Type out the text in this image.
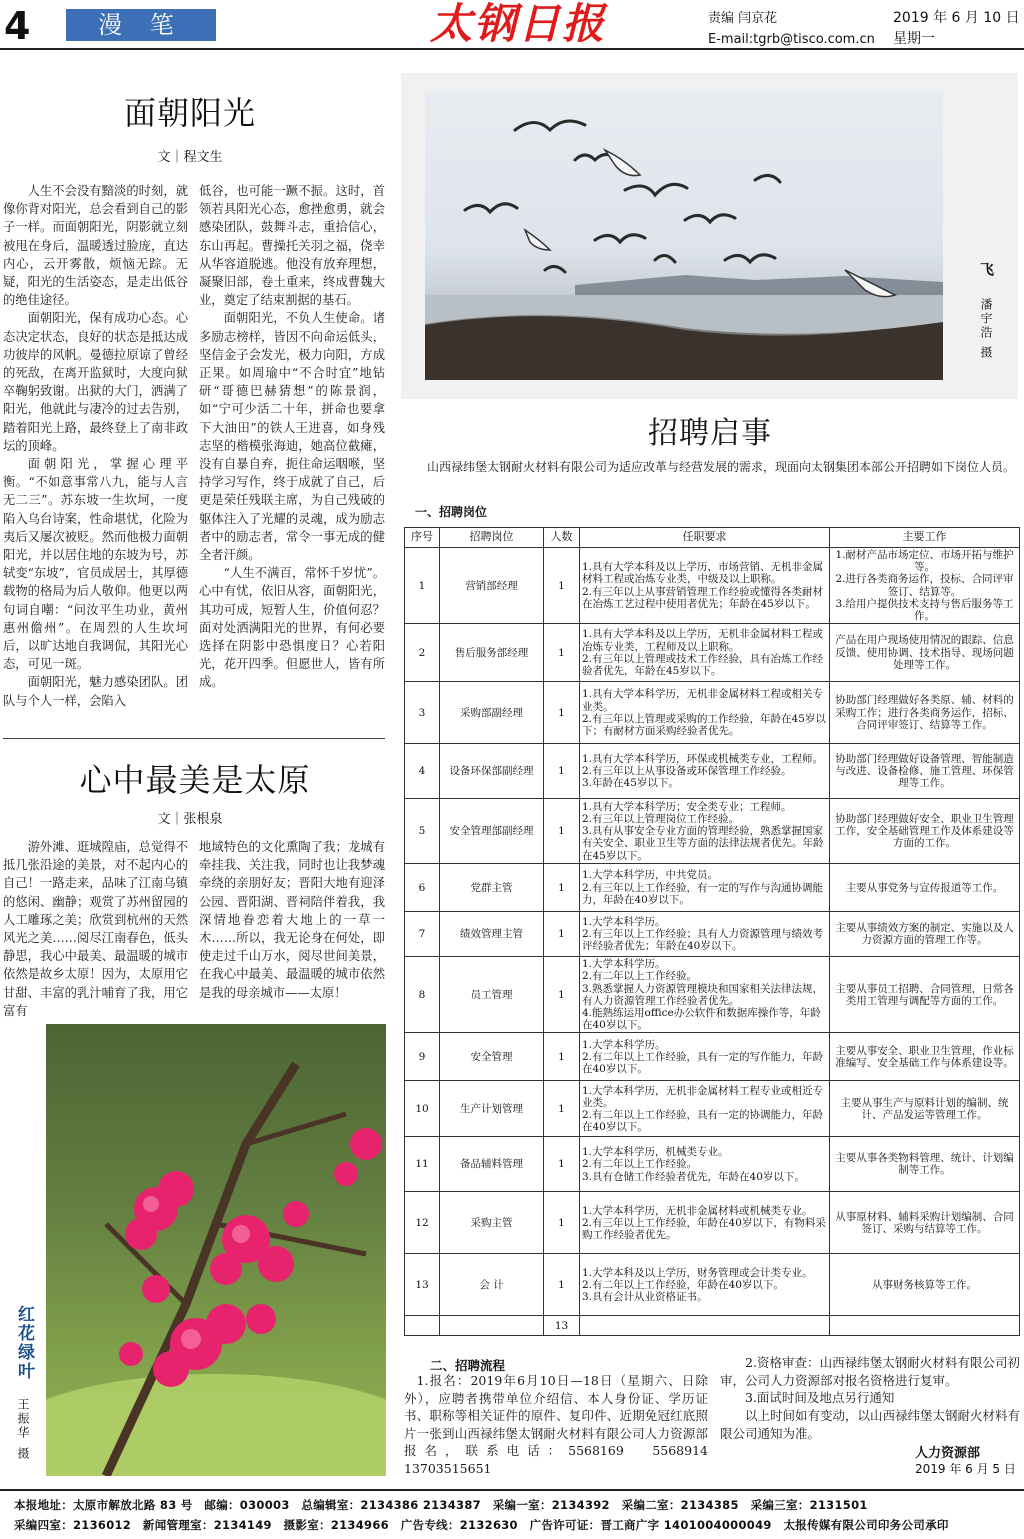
4	漫 笔	太钢日报	责编 闫京花
E-mail:tgrb@tisco.com.cn
2019 年 6 月 10 日
星期一
面朝阳光
文｜程文生

人生不会没有黯淡的时刻，就像你背对阳光，总会看到自己的影子一样。而面朝阳光，阴影就立刻被甩在身后，温暖透过脸庞，直达内心，云开雾散，烦恼无踪。无疑，阳光的生活姿态，是走出低谷的绝佳途径。

面朝阳光，保有成功心态。心态决定状态，良好的状态是抵达成功彼岸的风帆。曼德拉原谅了曾经的死敌，在离开监狱时，大度向狱卒鞠躬致谢。出狱的大门，洒满了阳光，他就此与凄冷的过去告别，踏着阳光上路，最终登上了南非政坛的顶峰。

面朝阳光，掌握心理平衡。“不如意事常八九，能与人言无二三”。苏东坡一生坎坷，一度陷入乌台诗案，性命堪忧，化险为夷后又屡次被贬。然而他极力面朝阳光，并以居住地的东坡为号，苏轼变“东坡”，官员成居士，其厚德载物的格局为后人敬仰。他更以两句词自嘲：“问汝平生功业，黄州惠州儋州”。在周烈的人生坎坷后，以旷达地自我调侃，其阳光心态，可见一斑。

面朝阳光，魅力感染团队。团队与个人一样，会陷入

低谷，也可能一蹶不振。这时，首领若具阳光心态，愈挫愈勇，就会感染团队，鼓舞斗志，重拾信心，东山再起。曹操托关羽之福，侥幸从华容道脱逃。他没有放弃理想，凝聚旧部，卷土重来，终成曹魏大业，奠定了结束割据的基石。

面朝阳光，不负人生使命。诸多励志榜样，皆因不向命运低头，坚信金子会发光，极力向阳，方成正果。如周瑜中“不合时宜”地钻研“哥德巴赫猜想”的陈景润，如“宁可少活二十年，拼命也要拿下大油田”的铁人王进喜，如身残志坚的楷模张海迪，她高位截瘫，没有自暴自弃，扼住命运咽喉，坚持学习写作，终于成就了自己，后更是荣任残联主席，为自己残破的躯体注入了光耀的灵魂，成为励志者中的励志者，常令一事无成的健全者汗颜。

“人生不满百，常怀千岁忧”。心中有忧，依旧从容，面朝阳光，其功可成，短暂人生，价值何忍？面对处洒满阳光的世界，有何必要选择在阴影中恐惧度日？心若阳光，花开四季。但愿世人，皆有所成。

心中最美是太原
文｜张根泉

游外滩、逛城隍庙，总觉得不抵几张沿途的美景，对不起内心的自己！一路走来，品味了江南乌镇的悠闲、幽静；观赏了苏州留园的人工雕琢之美；欣赏到杭州的天然风光之美……阅尽江南春色，低头静思，我心中最美、最温暖的城市依然是故乡太原！因为，太原用它甘甜、丰富的乳汁哺育了我，用它富有

地域特色的文化熏陶了我；龙城有牵挂我、关注我，同时也让我梦魂牵绕的亲朋好友；晋阳大地有迎泽公园、晋阳湖、晋祠陪伴着我，我深情地眷恋着大地上的一草一木……所以，我无论身在何处，即使走过千山万水，阅尽世间美景，在我心中最美、最温暖的城市依然是我的母亲城市——太原！

红花绿叶
王振华
摄
飞
潘宇浩
摄
招聘启事
山西禄纬堡太钢耐火材料有限公司为适应改革与经营发展的需求，现面向太钢集团本部公开招聘如下岗位人员。
一、招聘岗位
序号	招聘岗位	人数	任职要求	主要工作
1	营销部经理	1	1.具有大学本科及以上学历，市场营销、无机非金属材料工程或冶炼专业类，中级及以上职称。
2.有三年以上从事营销管理工作经验或懂得各类耐材在冶炼工艺过程中使用者优先；年龄在45岁以下。	1.耐材产品市场定位、市场开拓与维护等。
2.进行各类商务运作，投标、合同评审签订、结算等。
3.给用户提供技术支持与售后服务等工作。
2	售后服务部经理	1	1.具有大学本科及以上学历，无机非金属材料工程或冶炼专业类，工程师及以上职称。
2.有三年以上管理或技术工作经验，具有冶炼工作经验者优先，年龄在45岁以下。	产品在用户现场使用情况的跟踪、信息反馈、使用协调、技术指导、现场问题处理等工作。
3	采购部副经理	1	1.具有大学本科学历，无机非金属材料工程或相关专业类。
2.有三年以上管理或采购的工作经验，年龄在45岁以下；有耐材方面采购经验者优先。	协助部门经理做好各类原、辅、材料的采购工作；进行各类商务运作，招标、合同评审签订、结算等工作。
4	设备环保部副经理	1	1.具有大学本科学历，环保或机械类专业，工程师。
2.有三年以上从事设备或环保管理工作经验。
3.年龄在45岁以下。	协助部门经理做好设备管理、智能制造与改进、设备检修、施工管理、环保管理等工作。
5	安全管理部副经理	1	1.具有大学本科学历；安全类专业；工程师。
2.有三年以上管理岗位工作经验。
3.具有从事安全专业方面的管理经验，熟悉掌握国家有关安全、职业卫生等方面的法律法规者优先。年龄在45岁以下。	协助部门经理做好安全、职业卫生管理工作，安全基础管理工作及体系建设等方面的工作。
6	党群主管	1	1.大学本科学历，中共党员。
2.有三年以上工作经验，有一定的写作与沟通协调能力，年龄在40岁以下。	主要从事党务与宣传报道等工作。
7	绩效管理主管	1	1.大学本科学历。
2.有三年以上工作经验；具有人力资源管理与绩效考评经验者优先；年龄在40岁以下。	主要从事绩效方案的制定、实施以及人力资源方面的管理工作等。
8	员工管理	1	1.大学本科学历。
2.有二年以上工作经验。
3.熟悉掌握人力资源管理模块和国家相关法律法规，有人力资源管理工作经验者优先。
4.能熟练运用office办公软件和数据库操作等，年龄在40岁以下。	主要从事员工招聘、合同管理，日常各类用工管理与调配等方面的工作。
9	安全管理	1	1.大学本科学历。
2.有二年以上工作经验，具有一定的写作能力，年龄在40岁以下。	主要从事安全、职业卫生管理，作业标准编写、安全基础工作与体系建设等。
10	生产计划管理	1	1.大学本科学历，无机非金属材料工程专业或相近专业类。
2.有二年以上工作经验，具有一定的协调能力，年龄在40岁以下。	主要从事生产与原料计划的编制、统计、产品发运等管理工作。
11	备品辅料管理	1	1.大学本科学历，机械类专业。
2.有二年以上工作经验。
3.具有仓储工作经验者优先，年龄在40岁以下。	主要从事各类物料管理、统计、计划编制等工作。
12	采购主管	1	1.大学本科学历，无机非金属材料或机械类专业。
2.有三年以上工作经验，年龄在40岁以下，有物料采购工作经验者优先。	从事原材料、辅料采购计划编制、合同签订、采购与结算等工作。
13	会 计	1	1.大学本科及以上学历，财务管理或会计类专业。
2.有二年以上工作经验，年龄在40岁以下。
3.具有会计从业资格证书。	从事财务核算等工作。
		13		
二、招聘流程
1.报名：2019年6月10日—18日（星期六、日除外），应聘者携带单位介绍信、本人身份证、学历证书、职称等相关证件的原件、复印件、近期免冠红底照片一张到山西禄纬堡太钢耐火材料有限公司人力资源部报名，联系电话：5568169　5568914　13703515651
2.资格审查：山西禄纬堡太钢耐火材料有限公司初审，公司人力资源部对报名资格进行复审。
3.面试时间及地点另行通知
以上时间如有变动，以山西禄纬堡太钢耐火材料有限公司通知为准。
人力资源部
2019 年 6 月 5 日
本报地址：太原市解放北路 83 号　邮编：030003　总编辑室：2134386 2134387　采编一室：2134392　采编二室：2134385　采编三室：2131501
采编四室：2136012　新闻管理室：2134149　摄影室：2134966　广告专线：2132630　广告许可证：晋工商广字 1401004000049　太报传媒有限公司印务公司承印
